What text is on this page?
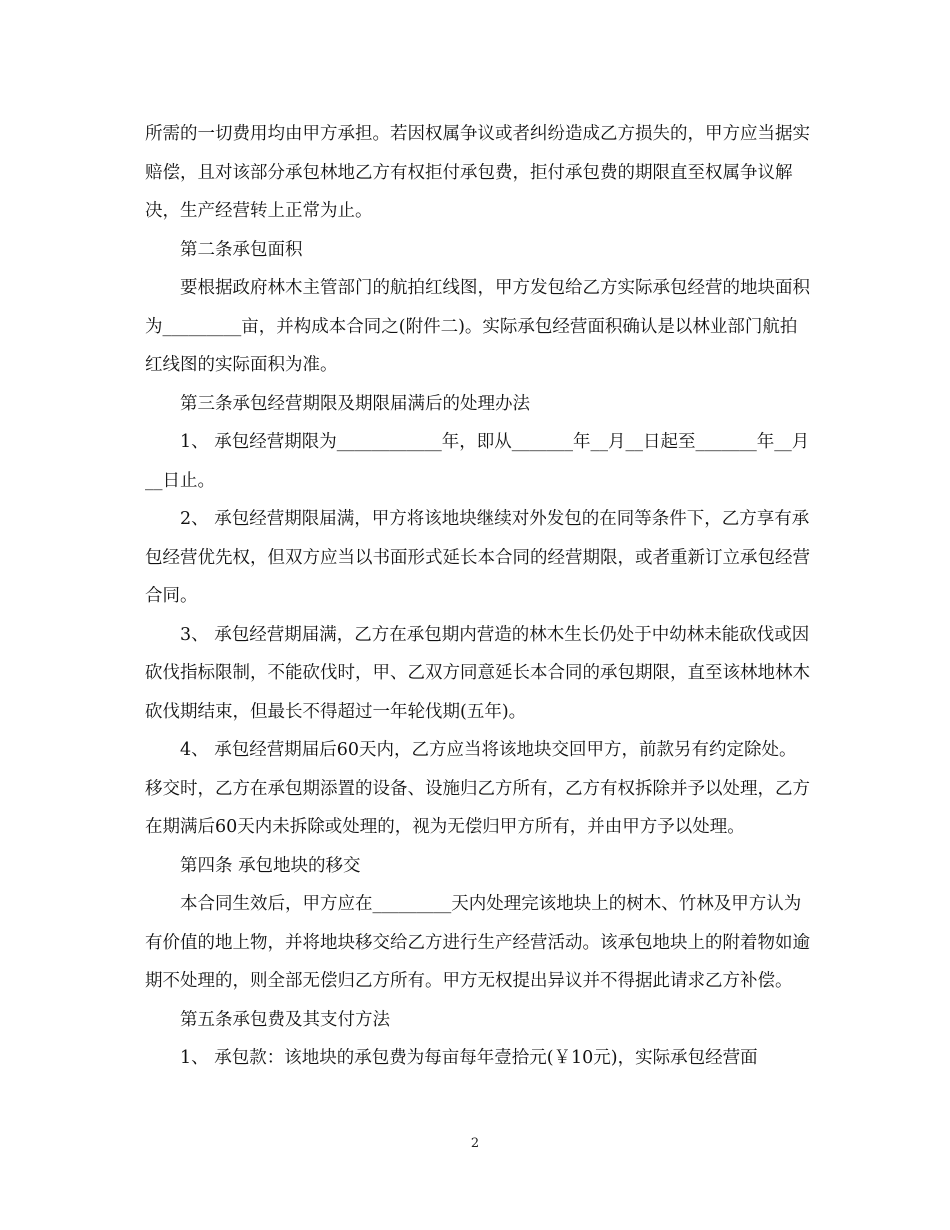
所需的一切费用均由甲方承担。若因权属争议或者纠纷造成乙方损失的，甲方应当据实赔偿，且对该部分承包林地乙方有权拒付承包费，拒付承包费的期限直至权属争议解决，生产经营转上正常为止。

第二条承包面积

要根据政府林木主管部门的航拍红线图，甲方发包给乙方实际承包经营的地块面积为_________亩，并构成本合同之(附件二)。实际承包经营面积确认是以林业部门航拍红线图的实际面积为准。

第三条承包经营期限及期限届满后的处理办法

1、 承包经营期限为____________年，即从_______年__月__日起至_______年__月__日止。

2、 承包经营期限届满，甲方将该地块继续对外发包的在同等条件下，乙方享有承包经营优先权，但双方应当以书面形式延长本合同的经营期限，或者重新订立承包经营合同。

3、 承包经营期届满，乙方在承包期内营造的林木生长仍处于中幼林未能砍伐或因砍伐指标限制，不能砍伐时，甲、乙双方同意延长本合同的承包期限，直至该林地林木砍伐期结束，但最长不得超过一年轮伐期(五年)。

4、 承包经营期届后60天内，乙方应当将该地块交回甲方，前款另有约定除处。移交时，乙方在承包期添置的设备、设施归乙方所有，乙方有权拆除并予以处理，乙方在期满后60天内未拆除或处理的，视为无偿归甲方所有，并由甲方予以处理。

第四条 承包地块的移交

本合同生效后，甲方应在_________天内处理完该地块上的树木、竹林及甲方认为有价值的地上物，并将地块移交给乙方进行生产经营活动。该承包地块上的附着物如逾期不处理的，则全部无偿归乙方所有。甲方无权提出异议并不得据此请求乙方补偿。

第五条承包费及其支付方法

1、 承包款：该地块的承包费为每亩每年壹拾元(￥10元)，实际承包经营面

2
